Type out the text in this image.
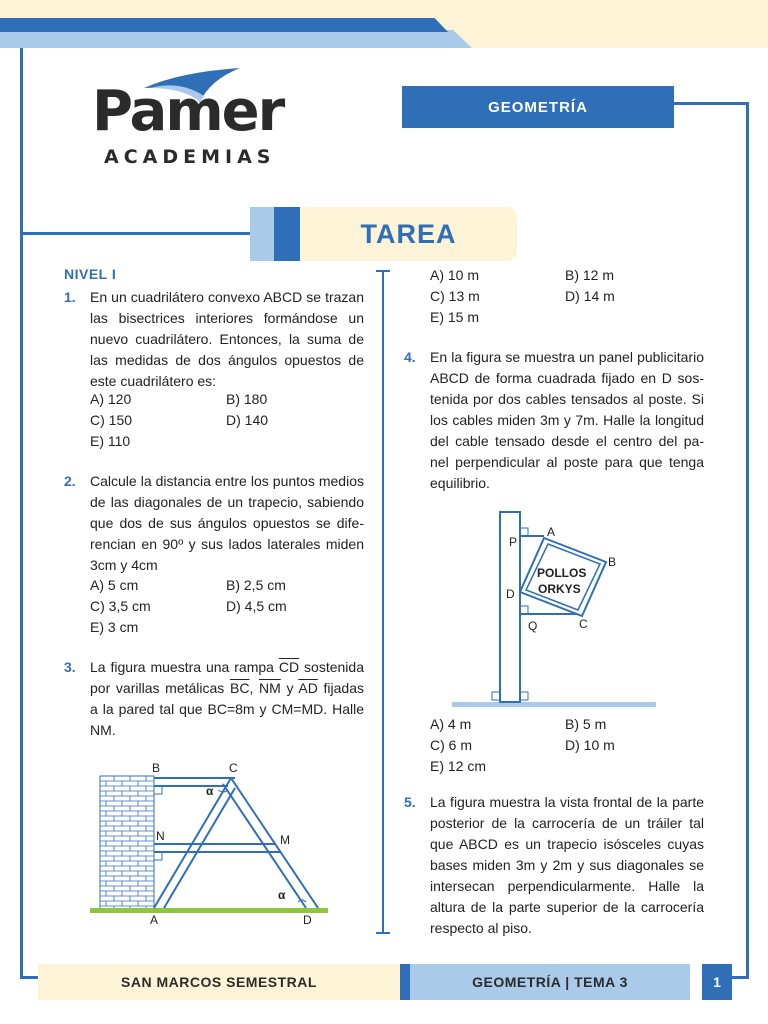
Pamer
ACADEMIAS
GEOMETRÍA
TAREA
NIVEL I
1. En un cuadrilátero convexo ABCD se trazan
las bisectrices interiores formándose un
nuevo cuadrilátero. Entonces, la suma de
las medidas de dos ángulos opuestos de
este cuadrilátero es:
A) 120	B) 180
C) 150	D) 140
E) 110
2. Calcule la distancia entre los puntos medios
de las diagonales de un trapecio, sabiendo
que dos de sus ángulos opuestos se dife-
rencian en 90º y sus lados laterales miden
3cm y 4cm
A) 5 cm	B) 2,5 cm
C) 3,5 cm	D) 4,5 cm
E) 3 cm
3. La figura muestra una rampa $\overline{CD}$ sostenida
por varillas metálicas $\overline{BC}$, $\overline{NM}$ y $\overline{AD}$ fijadas
a la pared tal que BC=8m y CM=MD. Halle
NM.
B	C
α
N	M
α
A	D
A) 10 m	B) 12 m
C) 13 m	D) 14 m
E) 15 m
4. En la figura se muestra un panel publicitario
ABCD de forma cuadrada fijado en D sos-
tenida por dos cables tensados al poste. Si
los cables miden 3m y 7m. Halle la longitud
del cable tensado desde el centro del pa-
nel perpendicular al poste para que tenga
equilibrio.
POLLOS
ORKYS
P
A
B
D
Q	C
A) 4 m	B) 5 m
C) 6 m	D) 10 m
E) 12 cm
5. La figura muestra la vista frontal de la parte
posterior de la carrocería de un tráiler tal
que ABCD es un trapecio isósceles cuyas
bases miden 3m y 2m y sus diagonales se
intersecan perpendicularmente. Halle la
altura de la parte superior de la carrocería
respecto al piso.
SAN MARCOS SEMESTRAL	GEOMETRÍA | TEMA 3	1
